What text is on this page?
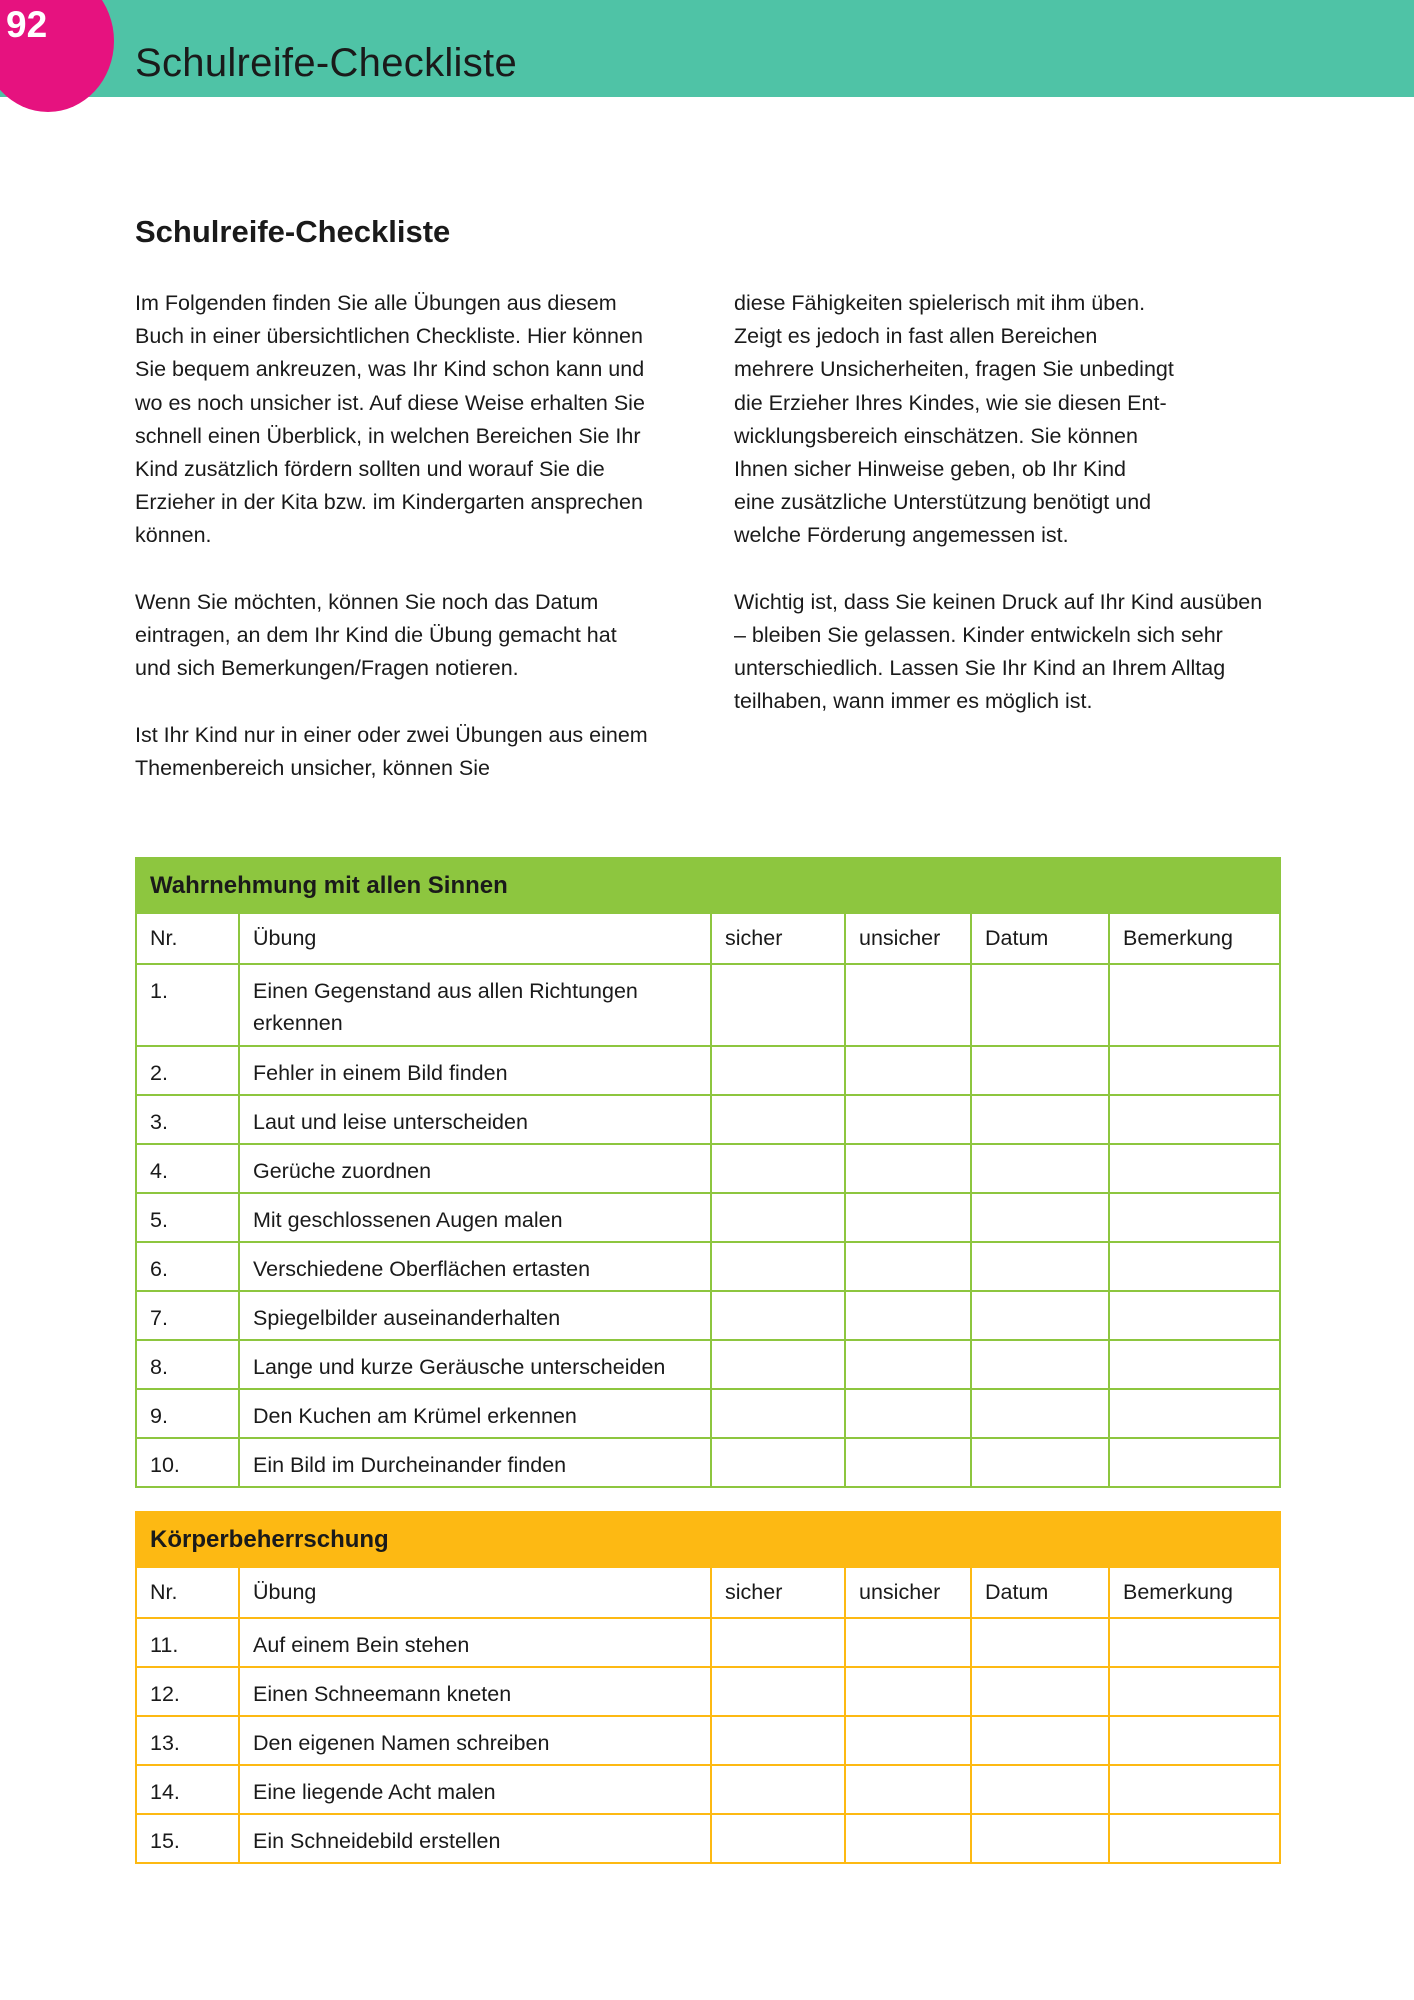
92
Schulreife-Checkliste
Schulreife-Checkliste
Im Folgenden finden Sie alle Übungen aus diesem
Buch in einer übersichtlichen Checkliste. Hier können
Sie bequem ankreuzen, was Ihr Kind schon kann und
wo es noch unsicher ist. Auf diese Weise erhalten Sie
schnell einen Überblick, in welchen Bereichen Sie Ihr
Kind zusätzlich fördern sollten und worauf Sie die
Erzieher in der Kita bzw. im Kindergarten ansprechen
können.
Wenn Sie möchten, können Sie noch das Datum
eintragen, an dem Ihr Kind die Übung gemacht hat
und sich Bemerkungen/Fragen notieren.
Ist Ihr Kind nur in einer oder zwei Übungen aus einem
Themenbereich unsicher, können Sie
diese Fähigkeiten spielerisch mit ihm üben.
Zeigt es jedoch in fast allen Bereichen
mehrere Unsicherheiten, fragen Sie unbedingt
die Erzieher Ihres Kindes, wie sie diesen Ent-
wicklungsbereich einschätzen. Sie können
Ihnen sicher Hinweise geben, ob Ihr Kind
eine zusätzliche Unterstützung benötigt und
welche Förderung angemessen ist.
Wichtig ist, dass Sie keinen Druck auf Ihr Kind ausüben
– bleiben Sie gelassen. Kinder entwickeln sich sehr
unterschiedlich. Lassen Sie Ihr Kind an Ihrem Alltag
teilhaben, wann immer es möglich ist.
Wahrnehmung mit allen Sinnen					
Nr.	Übung	sicher	unsicher	Datum	Bemerkung
1.	Einen Gegenstand aus allen Richtungen
erkennen				

2.	Fehler in einem Bild finden				
3.	Laut und leise unterscheiden				
4.	Gerüche zuordnen				
5.	Mit geschlossenen Augen malen				
6.	Verschiedene Oberflächen ertasten				
7.	Spiegelbilder auseinanderhalten				
8.	Lange und kurze Geräusche unterscheiden				
9.	Den Kuchen am Krümel erkennen				
10.	Ein Bild im Durcheinander finden				
Körperbeherrschung					
Nr.	Übung	sicher	unsicher	Datum	Bemerkung
11.	Auf einem Bein stehen				
12.	Einen Schneemann kneten				
13.	Den eigenen Namen schreiben				
14.	Eine liegende Acht malen				
15.	Ein Schneidebild erstellen				
